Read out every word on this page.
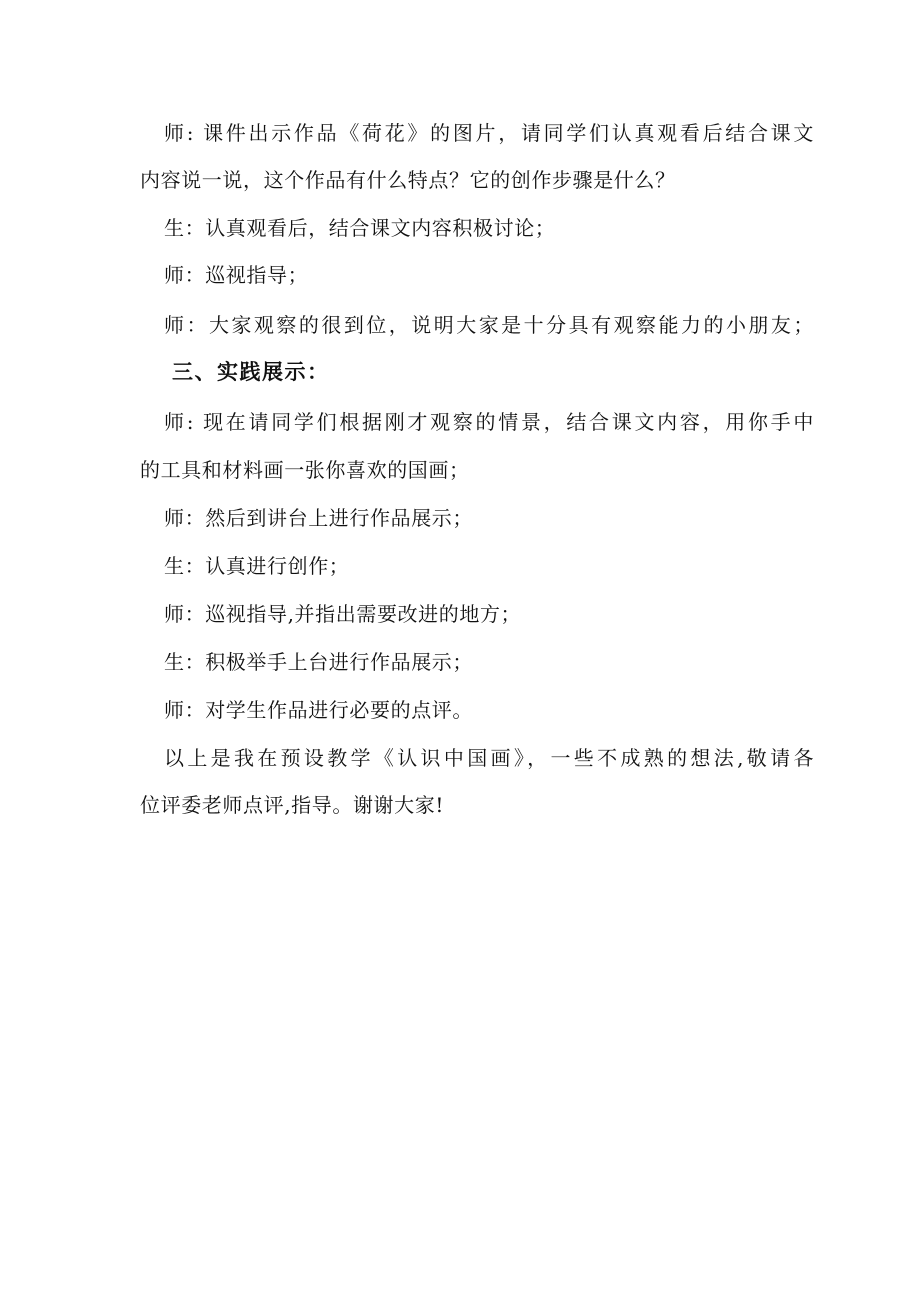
师: 课件出示作品《荷花》的图片，请同学们认真观看后结合课文
内容说一说，这个作品有什么特点？它的创作步骤是什么？
生：认真观看后，结合课文内容积极讨论；
师：巡视指导；
师：大家观察的很到位，说明大家是十分具有观察能力的小朋友；
三、实践展示：
师: 现在请同学们根据刚才观察的情景，结合课文内容，用你手中
的工具和材料画一张你喜欢的国画；
师：然后到讲台上进行作品展示；
生：认真进行创作；
师：巡视指导,并指出需要改进的地方；
生：积极举手上台进行作品展示；
师：对学生作品进行必要的点评。
以上是我在预设教学《认识中国画》，一些不成熟的想法,敬请各
位评委老师点评,指导。谢谢大家!
